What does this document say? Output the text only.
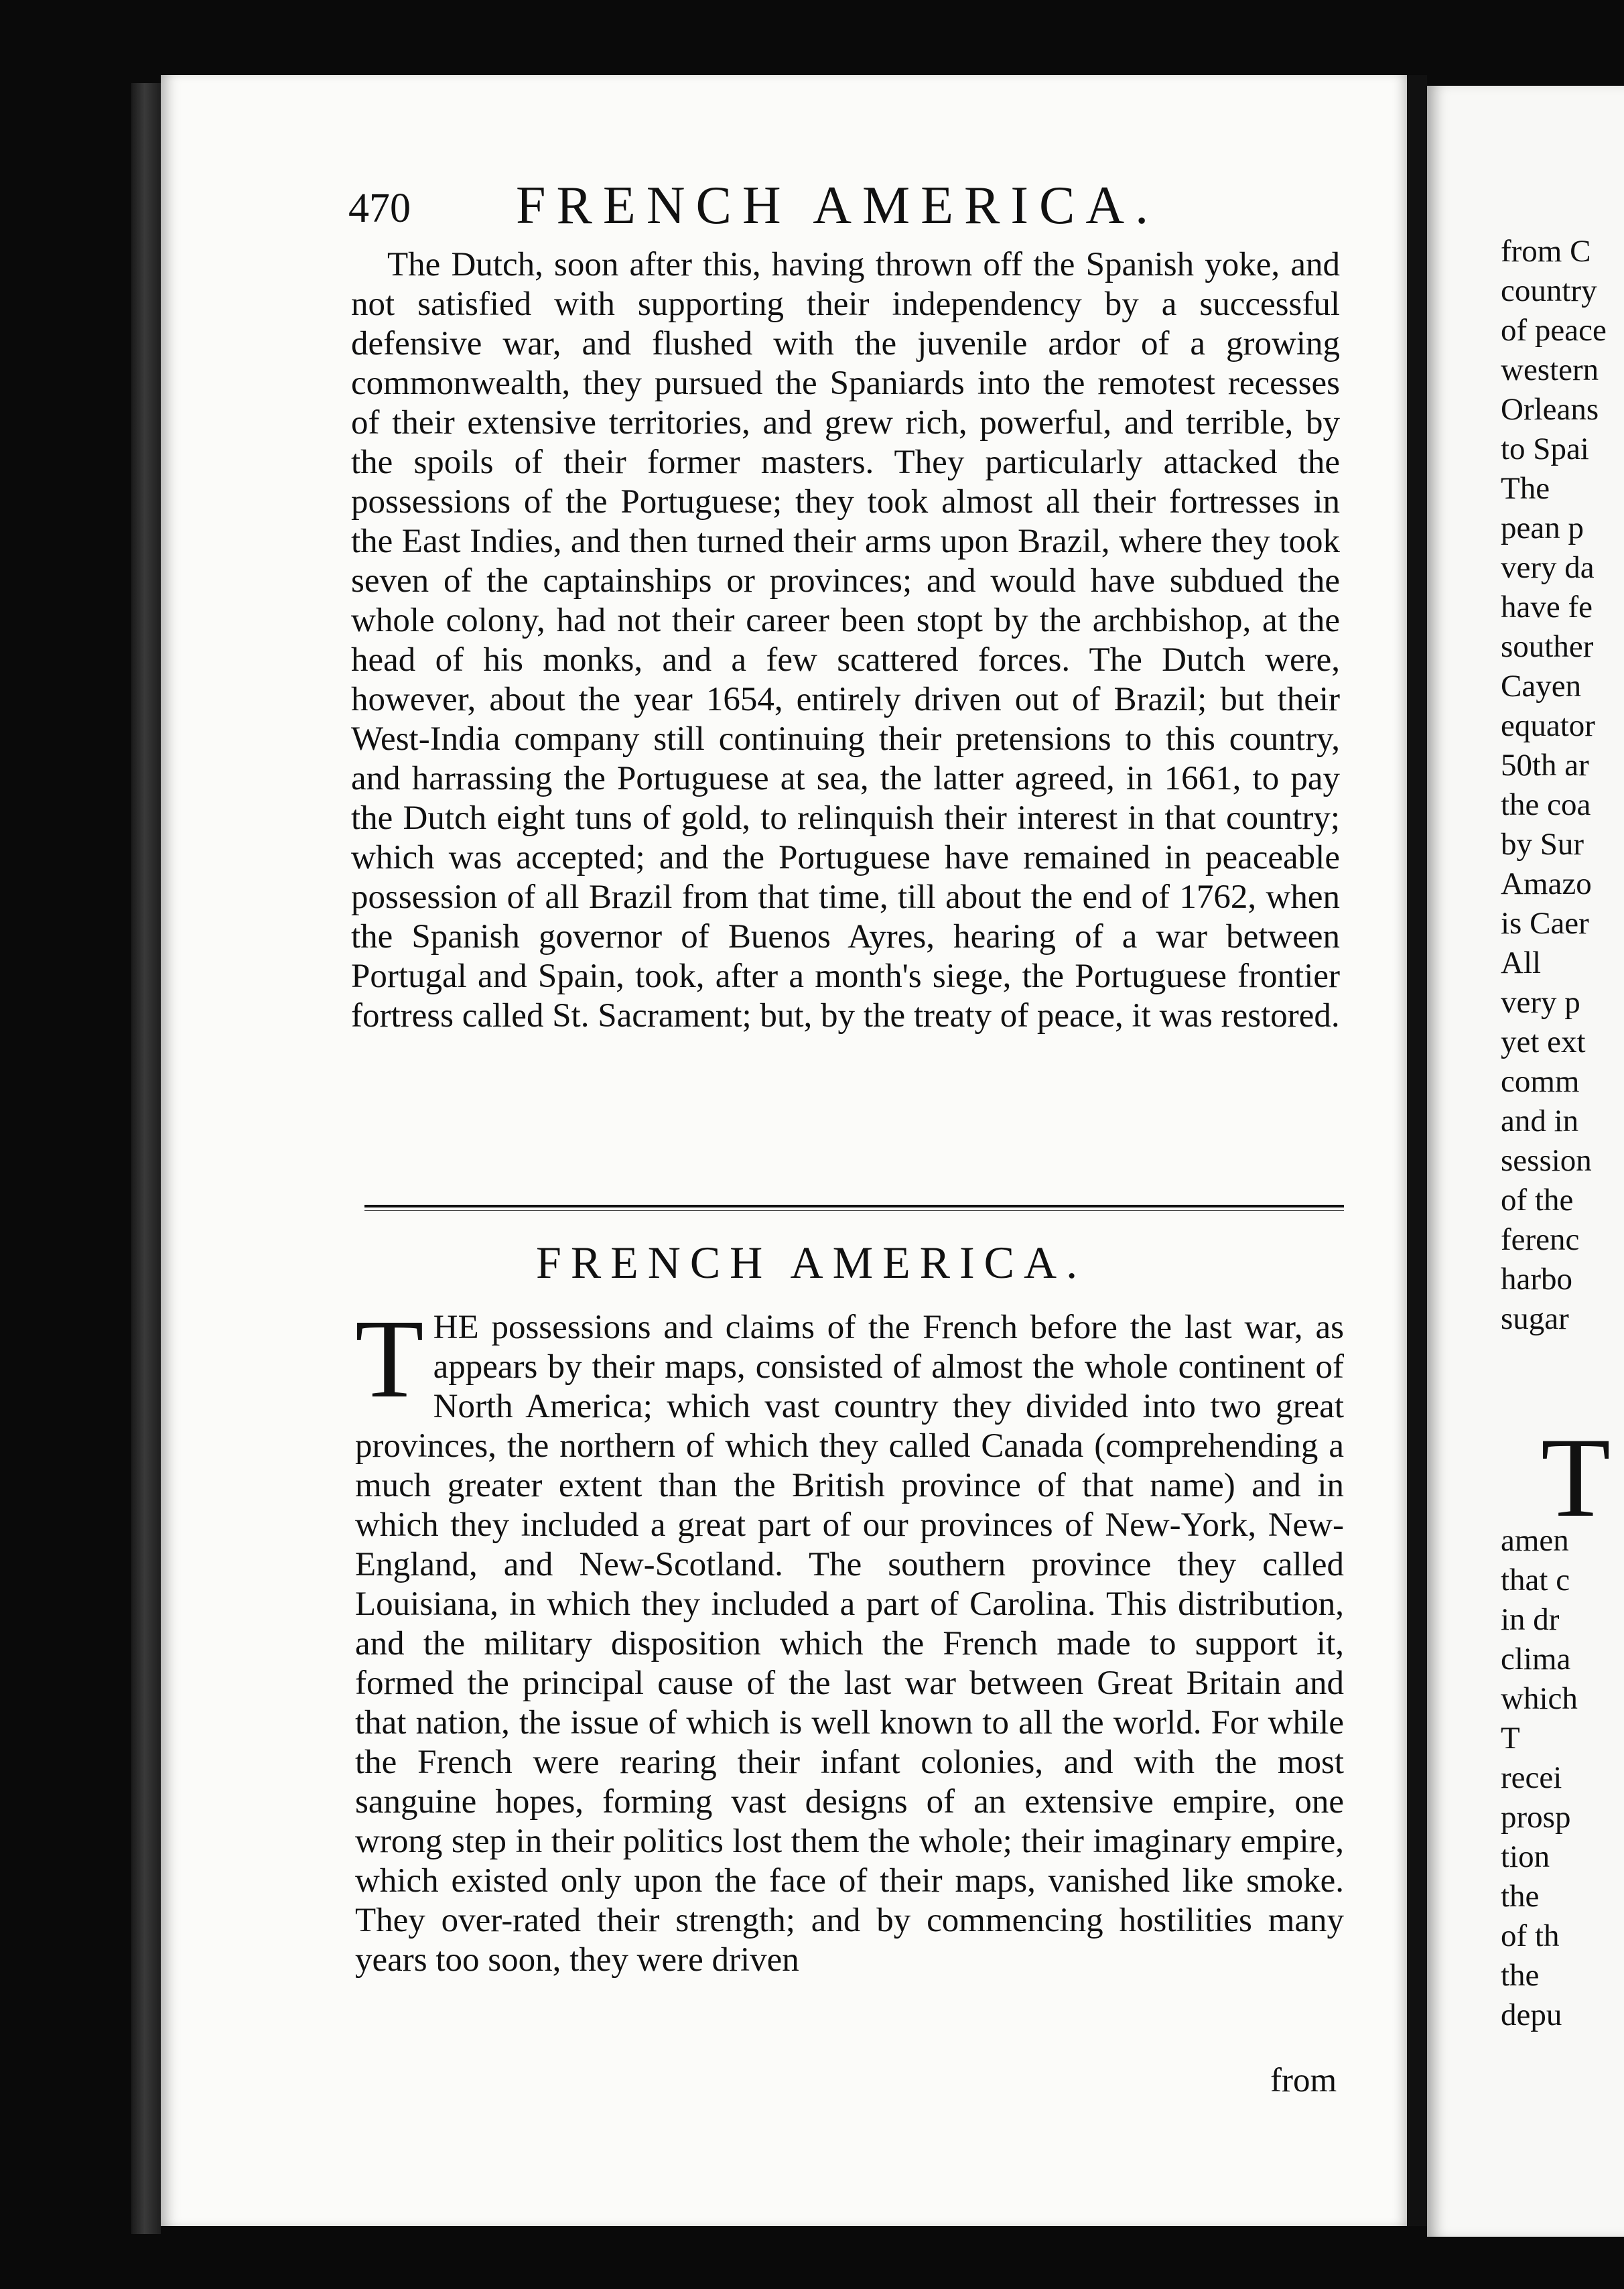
470 FRENCH AMERICA.
The Dutch, soon after this, having thrown off the Spanish yoke, and not satisfied with supporting their independency by a successful defensive war, and flushed with the juvenile ardor of a growing commonwealth, they pursued the Spaniards into the remotest recesses of their extensive territories, and grew rich, powerful, and terrible, by the spoils of their former masters. They particularly attacked the possessions of the Portuguese; they took almost all their fortresses in the East Indies, and then turned their arms upon Brazil, where they took seven of the captainships or provinces; and would have subdued the whole colony, had not their career been stopt by the archbishop, at the head of his monks, and a few scattered forces. The Dutch were, however, about the year 1654, entirely driven out of Brazil; but their West-India company still continuing their pretensions to this country, and harrassing the Portuguese at sea, the latter agreed, in 1661, to pay the Dutch eight tuns of gold, to relinquish their interest in that country; which was accepted; and the Portuguese have remained in peaceable possession of all Brazil from that time, till about the end of 1762, when the Spanish governor of Buenos Ayres, hearing of a war between Portugal and Spain, took, after a month's siege, the Portuguese frontier fortress called St. Sacrament; but, by the treaty of peace, it was restored.
FRENCH AMERICA.
THE possessions and claims of the French before the last war, as appears by their maps, consisted of almost the whole continent of North America; which vast country they divided into two great provinces, the northern of which they called Canada (comprehending a much greater extent than the British province of that name) and in which they included a great part of our provinces of New-York, New-England, and New-Scotland. The southern province they called Louisiana, in which they included a part of Carolina. This distribution, and the military disposition which the French made to support it, formed the principal cause of the last war between Great Britain and that nation, the issue of which is well known to all the world. For while the French were rearing their infant colonies, and with the most sanguine hopes, forming vast designs of an extensive empire, one wrong step in their politics lost them the whole; their imaginary empire, which existed only upon the face of their maps, vanished like smoke. They over-rated their strength; and by commencing hostilities many years too soon, they were driven
from
from C
country
of peace
western
Orleans
to Spai
The
pean p
very da
have fe
souther
Cayen
equator
50th ar
the coa
by Sur
Amazo
is Caer
All
very p
yet ext
comm
and in
session
of the
ferenc
harbo
sugar
T
amen
that c
in dr
clima
which
T
recei
prosp
tion
the
of th
the
depu
